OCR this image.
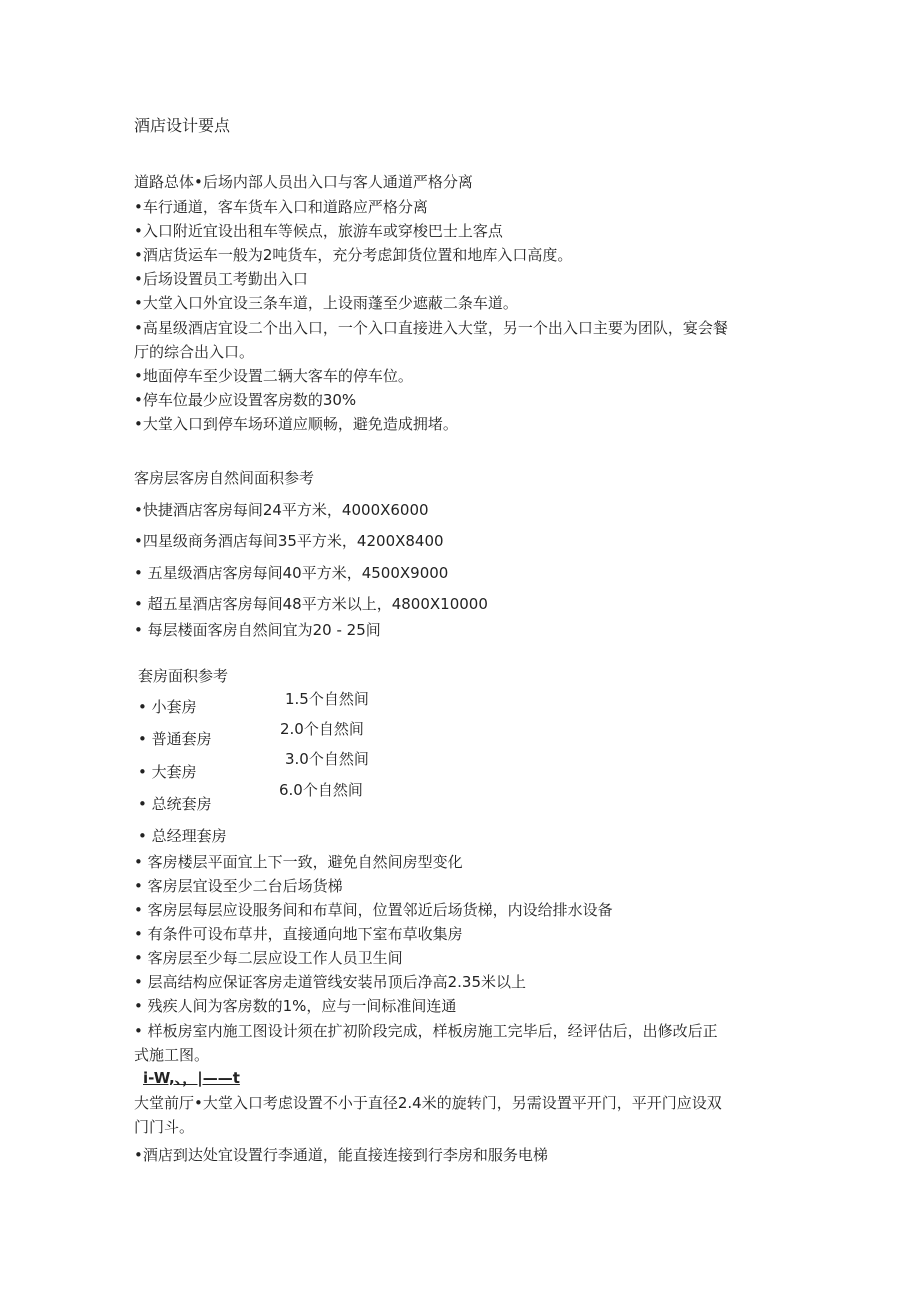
酒店设计要点
道路总体•后场内部人员出入口与客人通道严格分离
•车行通道，客车货车入口和道路应严格分离
•入口附近宜设出租车等候点，旅游车或穿梭巴士上客点
•酒店货运车一般为2吨货车，充分考虑卸货位置和地库入口高度。
•后场设置员工考勤出入口
•大堂入口外宜设三条车道，上设雨蓬至少遮蔽二条车道。
•高星级酒店宜设二个出入口，一个入口直接进入大堂，另一个出入口主要为团队，宴会餐
厅的综合出入口。
•地面停车至少设置二辆大客车的停车位。
•停车位最少应设置客房数的30%
•大堂入口到停车场环道应顺畅，避免造成拥堵。
客房层客房自然间面积参考
•快捷酒店客房每间24平方米，4000X6000
•四星级商务酒店每间35平方米，4200X8400
• 五星级酒店客房每间40平方米，4500X9000
• 超五星酒店客房每间48平方米以上，4800X10000
• 每层楼面客房自然间宜为20 - 25间
套房面积参考
• 小套房	1.5个自然间
• 普通套房
2.0个自然间
• 大套房
3.0个自然间
• 总统套房
6.0个自然间
• 总经理套房
• 客房楼层平面宜上下一致，避免自然间房型变化
• 客房层宜设至少二台后场货梯
• 客房层每层应设服务间和布草间，位置邻近后场货梯，内设给排水设备
• 有条件可设布草井，直接通向地下室布草收集房
• 客房层至少每二层应设工作人员卫生间
• 层高结构应保证客房走道管线安装吊顶后净高2.35米以上
• 残疾人间为客房数的1%，应与一间标准间连通
• 样板房室内施工图设计须在扩初阶段完成，样板房施工完毕后，经评估后，出修改后正
式施工图。
i-W,、，|——t
大堂前厅•大堂入口考虑设置不小于直径2.4米的旋转门，另需设置平开门，平开门应设双
门门斗。
•酒店到达处宜设置行李通道，能直接连接到行李房和服务电梯
